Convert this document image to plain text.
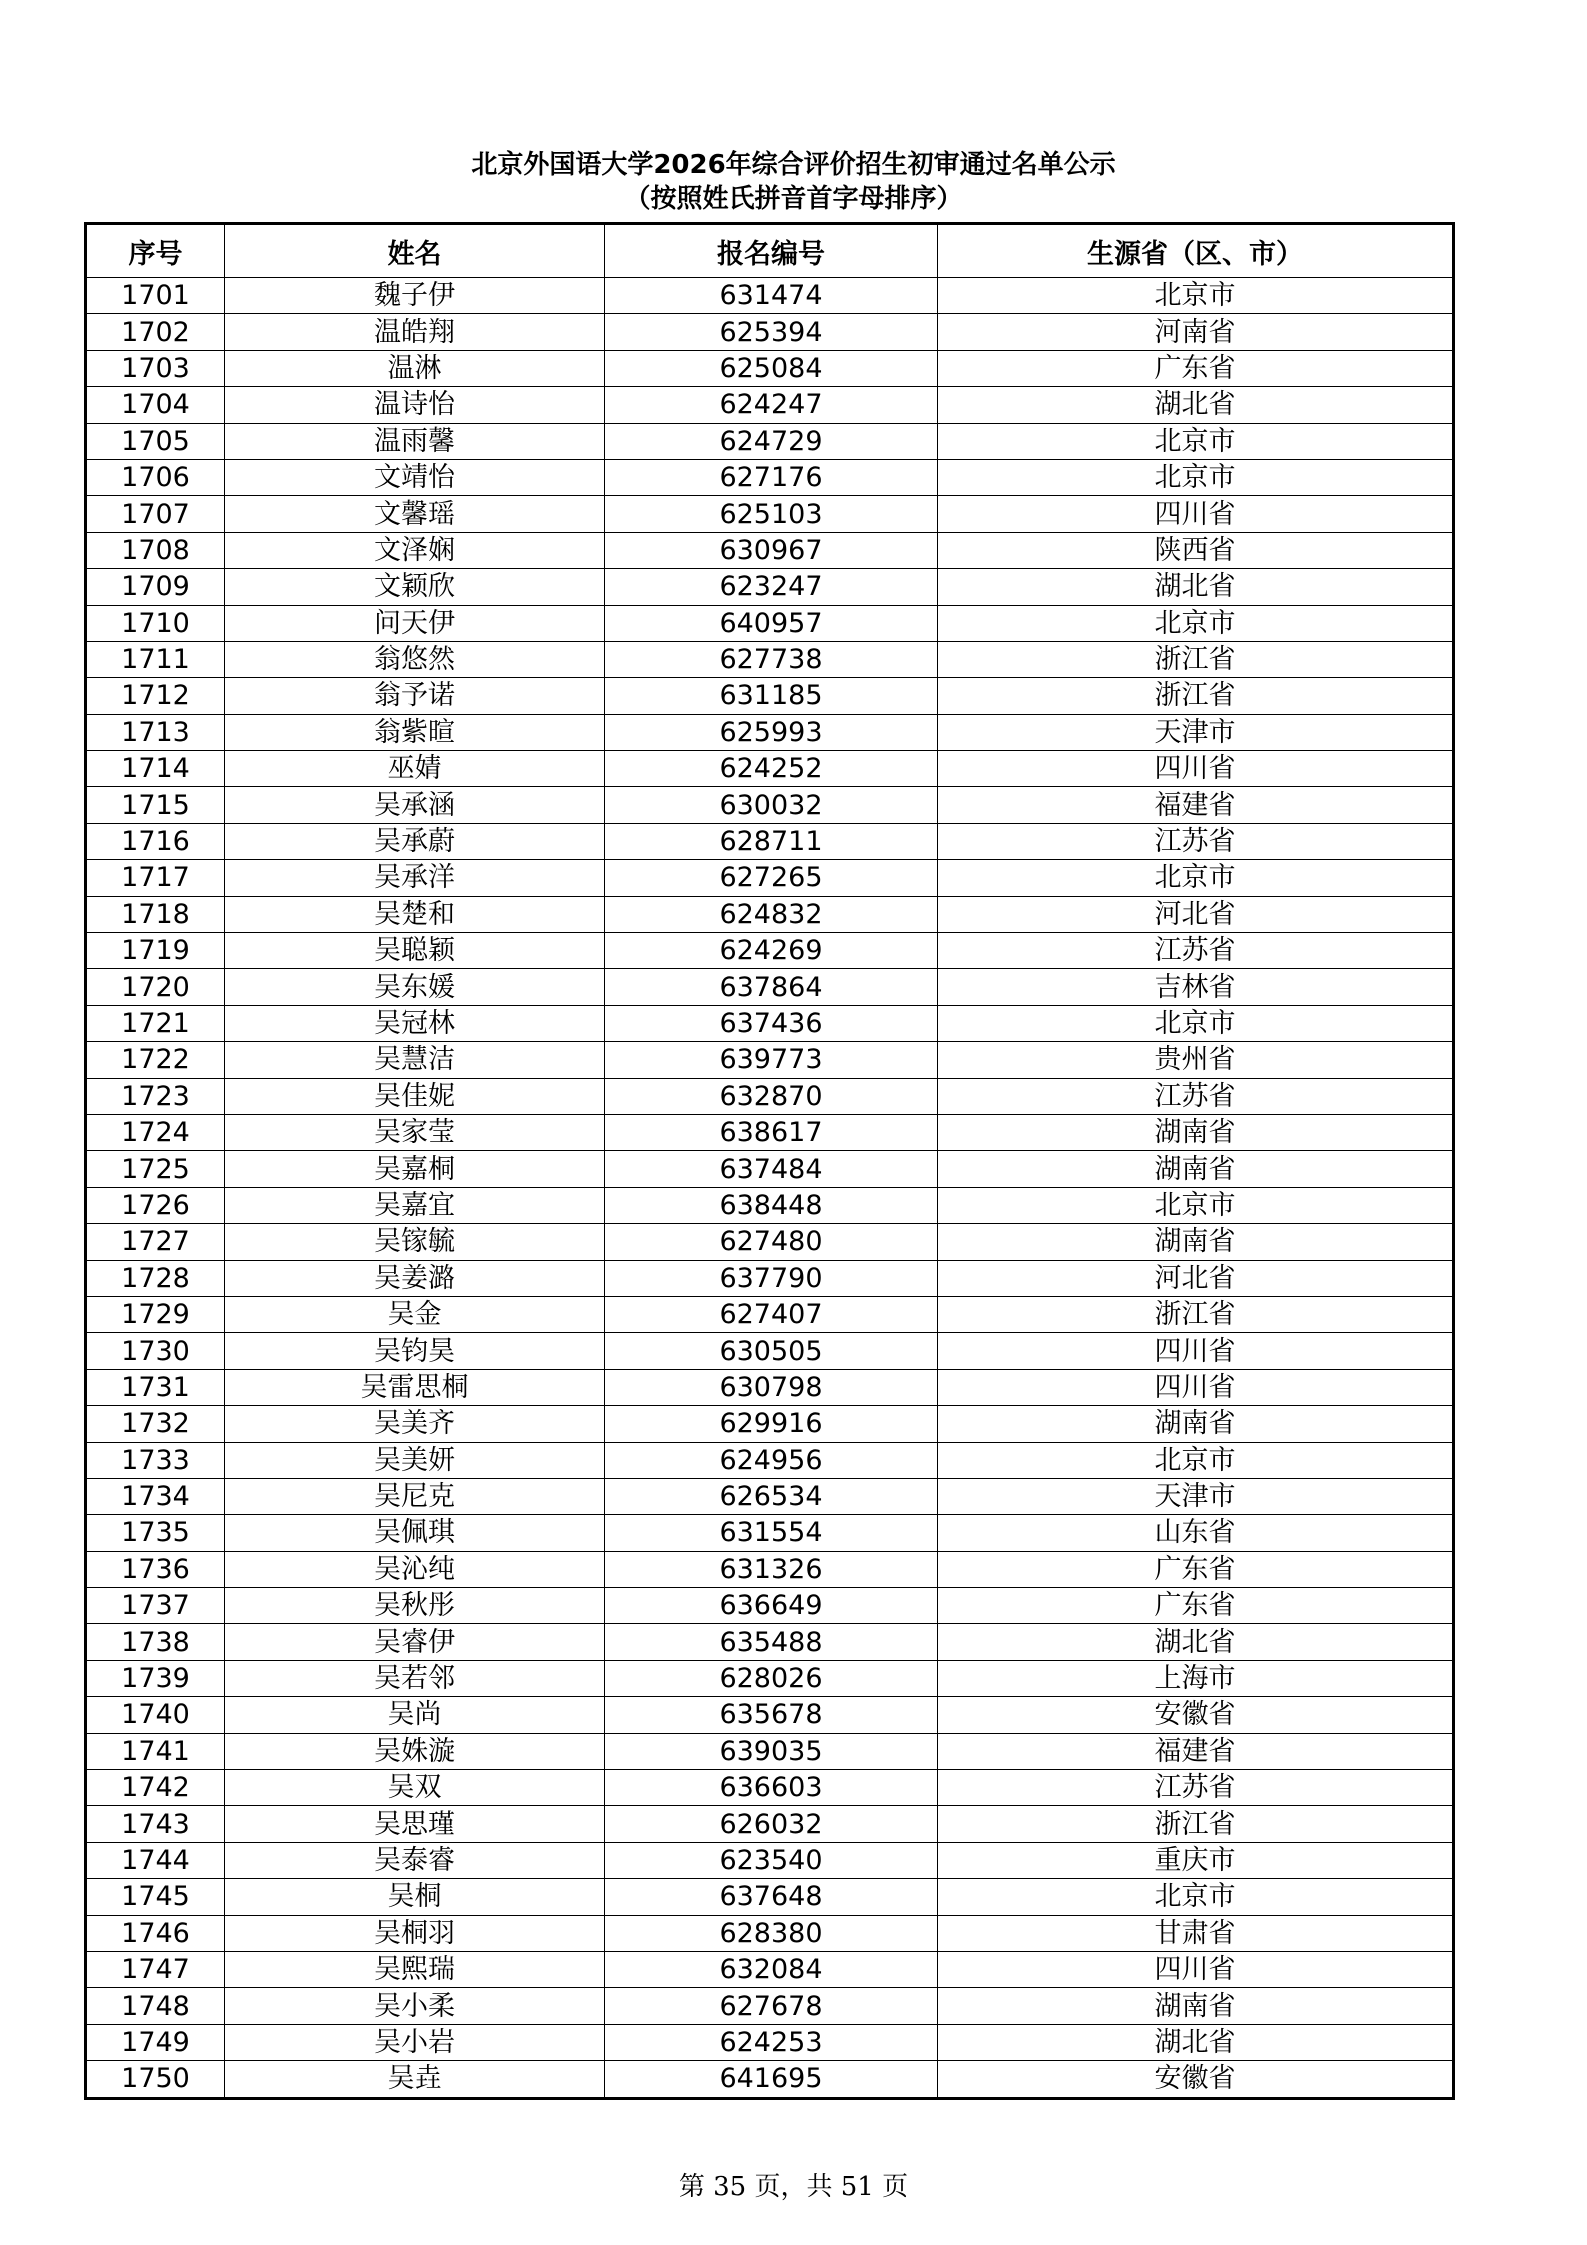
北京外国语大学2026年综合评价招生初审通过名单公示
（按照姓氏拼音首字母排序）
序号	姓名	报名编号	生源省（区、市）
1701	魏子伊	631474	北京市
1702	温皓翔	625394	河南省
1703	温淋	625084	广东省
1704	温诗怡	624247	湖北省
1705	温雨馨	624729	北京市
1706	文靖怡	627176	北京市
1707	文馨瑶	625103	四川省
1708	文泽娴	630967	陕西省
1709	文颖欣	623247	湖北省
1710	问天伊	640957	北京市
1711	翁悠然	627738	浙江省
1712	翁予诺	631185	浙江省
1713	翁紫暄	625993	天津市
1714	巫婧	624252	四川省
1715	吴承涵	630032	福建省
1716	吴承蔚	628711	江苏省
1717	吴承洋	627265	北京市
1718	吴楚和	624832	河北省
1719	吴聪颖	624269	江苏省
1720	吴东媛	637864	吉林省
1721	吴冠林	637436	北京市
1722	吴慧洁	639773	贵州省
1723	吴佳妮	632870	江苏省
1724	吴家莹	638617	湖南省
1725	吴嘉桐	637484	湖南省
1726	吴嘉宜	638448	北京市
1727	吴镓毓	627480	湖南省
1728	吴姜潞	637790	河北省
1729	吴金	627407	浙江省
1730	吴钧昊	630505	四川省
1731	吴雷思桐	630798	四川省
1732	吴美齐	629916	湖南省
1733	吴美妍	624956	北京市
1734	吴尼克	626534	天津市
1735	吴佩琪	631554	山东省
1736	吴沁纯	631326	广东省
1737	吴秋彤	636649	广东省
1738	吴睿伊	635488	湖北省
1739	吴若邻	628026	上海市
1740	吴尚	635678	安徽省
1741	吴姝漩	639035	福建省
1742	吴双	636603	江苏省
1743	吴思瑾	626032	浙江省
1744	吴泰睿	623540	重庆市
1745	吴桐	637648	北京市
1746	吴桐羽	628380	甘肃省
1747	吴熙瑞	632084	四川省
1748	吴小柔	627678	湖南省
1749	吴小岩	624253	湖北省
1750	吴垚	641695	安徽省
第 35 页，共 51 页
